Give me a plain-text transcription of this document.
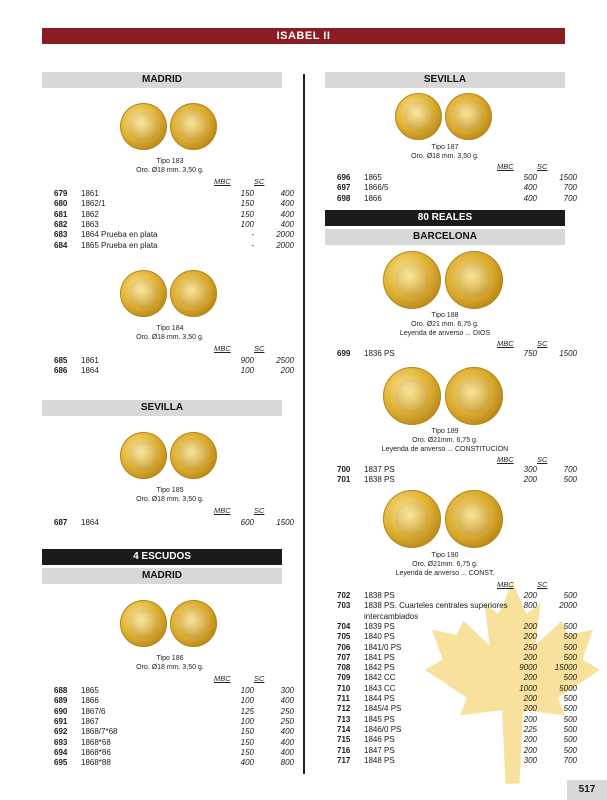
ISABEL II
MADRID
Tipo 183
Oro. Ø18 mm. 3,50 g.
MBC	SC
679 1861	150	400
680 1862/1	150	400
681 1862	150	400
682 1863	100	400
683 1864 Prueba en plata	-	2000
684 1865 Prueba en plata	-	2000
Tipo 184
Oro. Ø18 mm. 3,50 g.
MBC	SC
685 1861	900	2500
686 1864	100	200
SEVILLA
Tipo 185
Oro. Ø18 mm. 3,50 g.
MBC	SC
687 1864	600	1500
4 ESCUDOS
MADRID
Tipo 186
Oro. Ø18 mm. 3,50 g.
MBC	SC
688 1865	100	300
689 1866	100	400
690 1867/6	125	250
691 1867	100	250
692 1868/7*68	150	400
693 1868*68	150	400
694 1868*86	150	400
695 1868*88	400	800
SEVILLA
Tipo 187
Oro. Ø18 mm. 3,50 g.
MBC	SC
696 1865	500	1500
697 1866/5	400	700
698 1866	400	700
80 REALES
BARCELONA
Tipo 188
Oro. Ø21 mm. 6,75 g.
Leyenda de anverso ... DIOS
MBC	SC
699 1836 PS	750	1500
Tipo 189
Oro. Ø21mm. 6,75 g.
Leyenda de anverso ... CONSTITUCION
MBC	SC
700 1837 PS	300	700
701 1838 PS	200	500
Tipo 190
Oro. Ø21mm. 6,75 g.
Leyenda de anverso ... CONST.
MBC	SC
702 1838 PS	200	500
703 1838 PS. Cuarteles centrales superiores	800	2000
intercambiados
704 1839 PS	200	500
705 1840 PS	200	500
706 1841/0 PS	250	500
707 1841 PS	200	500
708 1842 PS	9000	15000
709 1842 CC	200	500
710 1843 CC	1000	5000
711 1844 PS	200	500
712 1845/4 PS	200	500
713 1845 PS	200	500
714 1846/0 PS	225	500
715 1846 PS	200	500
716 1847 PS	200	500
717 1848 PS	300	700
517
